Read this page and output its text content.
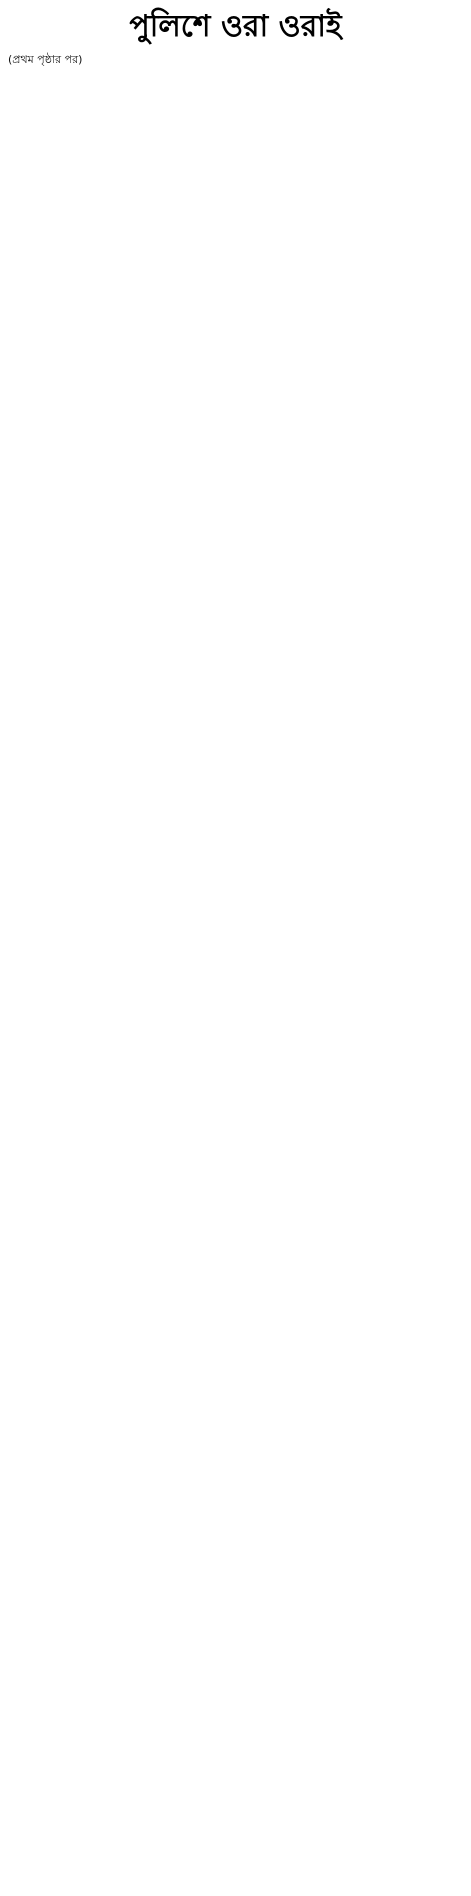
পুলিশে ওরা ওরাই

(প্রথম পৃষ্ঠার পর)
